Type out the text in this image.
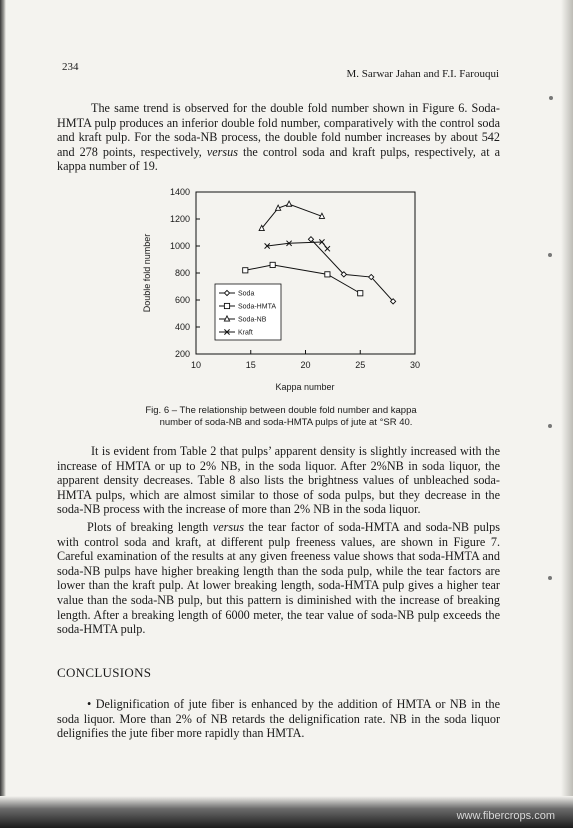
234
M. Sarwar Jahan and F.I. Farouqui

The same trend is observed for the double fold number shown in Figure 6. Soda-HMTA pulp produces an inferior double fold number, comparatively with the control soda and kraft pulp. For the soda-NB process, the double fold number increases by about 542 and 278 points, respectively, versus the control soda and kraft pulps, respectively, at a kappa number of 19.

200
400
600
800
1000
1200
1400
10	15	20	25	30
Kappa number
Double fold number	Soda
Soda-HMTA
Soda-NB
Kraft

Fig. 6 – The relationship between double fold number and kappa
number of soda-NB and soda-HMTA pulps of jute at °SR 40.

It is evident from Table 2 that pulps’ apparent density is slightly increased with the increase of HMTA or up to 2% NB, in the soda liquor. After 2%NB in soda liquor, the apparent density decreases. Table 8 also lists the brightness values of unbleached soda-HMTA pulps, which are almost similar to those of soda pulps, but they decrease in the soda-NB process with the increase of more than 2% NB in the soda liquor.

Plots of breaking length versus the tear factor of soda-HMTA and soda-NB pulps with control soda and kraft, at different pulp freeness values, are shown in Figure 7. Careful examination of the results at any given freeness value shows that soda-HMTA and soda-NB pulps have higher breaking length than the soda pulp, while the tear factors are lower than the kraft pulp. At lower breaking length, soda-HMTA pulp gives a higher tear value than the soda-NB pulp, but this pattern is diminished with the increase of breaking length. After a breaking length of 6000 meter, the tear value of soda-NB pulp exceeds the soda-HMTA pulp.

CONCLUSIONS

• Delignification of jute fiber is enhanced by the addition of HMTA or NB in the soda liquor. More than 2% of NB retards the delignification rate. NB in the soda liquor delignifies the jute fiber more rapidly than HMTA.

www.fibercrops.com
